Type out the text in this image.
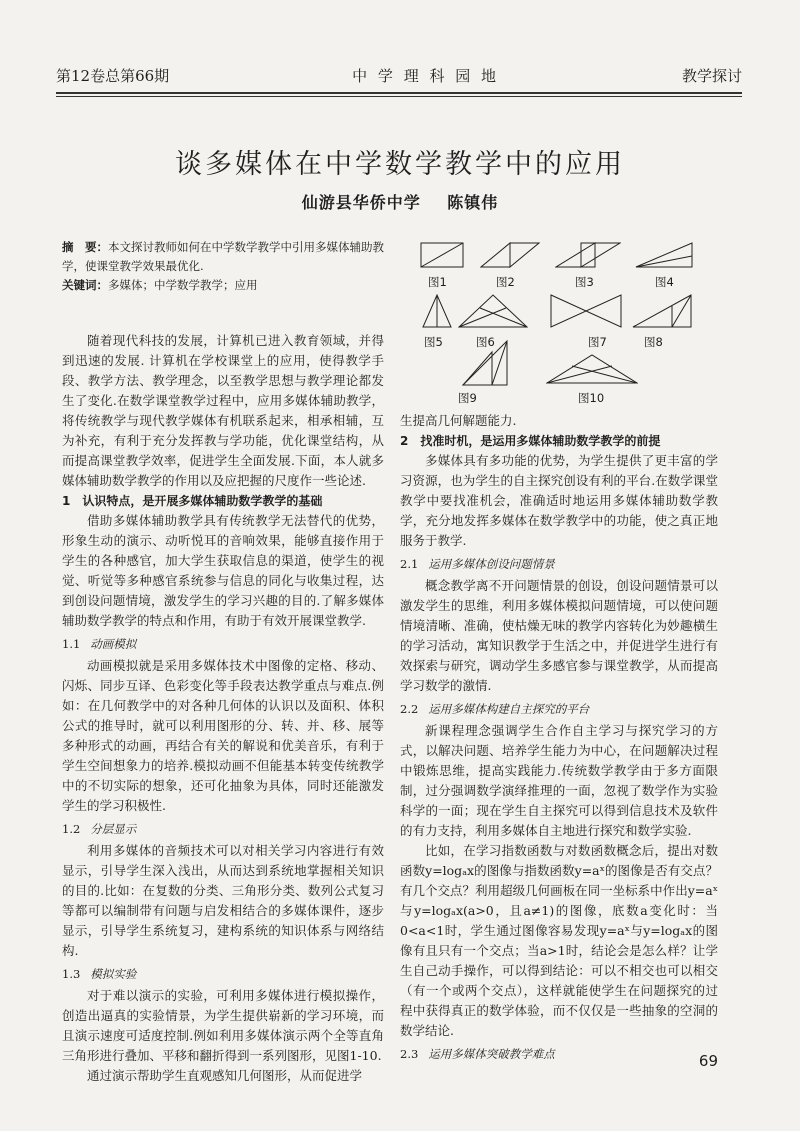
第12卷总第66期	中 学 理 科 园 地	教学探讨
谈多媒体在中学数学教学中的应用
仙游县华侨中学 陈镇伟
摘　要：本文探讨教师如何在中学数学教学中引用多媒体辅助教学，使课堂教学效果最优化.
关键词：多媒体；中学数学教学；应用

随着现代科技的发展，计算机已进入教育领域，并得到迅速的发展. 计算机在学校课堂上的应用，使得教学手段、教学方法、教学理念，以至教学思想与教学理论都发生了变化.在数学课堂教学过程中，应用多媒体辅助教学，将传统教学与现代教学媒体有机联系起来，相承相辅，互为补充，有利于充分发挥教与学功能，优化课堂结构，从而提高课堂教学效率，促进学生全面发展.下面，本人就多媒体辅助数学教学的作用以及应把握的尺度作一些论述.

1　认识特点，是开展多媒体辅助数学教学的基础

借助多媒体辅助教学具有传统教学无法替代的优势，形象生动的演示、动听悦耳的音响效果，能够直接作用于学生的各种感官，加大学生获取信息的渠道，使学生的视觉、听觉等多种感官系统参与信息的同化与收集过程，达到创设问题情境，激发学生的学习兴趣的目的.了解多媒体辅助数学教学的特点和作用，有助于有效开展课堂教学.

1.1 动画模拟

动画模拟就是采用多媒体技术中图像的定格、移动、闪烁、同步互译、色彩变化等手段表达教学重点与难点.例如：在几何教学中的对各种几何体的认识以及面积、体积公式的推导时，就可以利用图形的分、转、并、移、展等多种形式的动画，再结合有关的解说和优美音乐，有利于学生空间想象力的培养.模拟动画不但能基本转变传统教学中的不切实际的想象，还可化抽象为具体，同时还能激发学生的学习积极性.

1.2 分层显示

利用多媒体的音频技术可以对相关学习内容进行有效显示，引导学生深入浅出，从而达到系统地掌握相关知识的目的.比如：在复数的分类、三角形分类、数列公式复习等都可以编制带有问题与启发相结合的多媒体课件，逐步显示，引导学生系统复习，建构系统的知识体系与网络结构.

1.3 模拟实验

对于难以演示的实验，可利用多媒体进行模拟操作，创造出逼真的实验情景，为学生提供崭新的学习环境，而且演示速度可适度控制.例如利用多媒体演示两个全等直角三角形进行叠加、平移和翻折得到一系列图形，见图1-10.

通过演示帮助学生直观感知几何图形，从而促进学

图1	图2	图3	图4
图5	图6	图7	图8
图9	图10
生提高几何解题能力.
2　找准时机，是运用多媒体辅助数学教学的前提

多媒体具有多功能的优势，为学生提供了更丰富的学习资源，也为学生的自主探究创设有利的平台.在数学课堂教学中要找准机会，准确适时地运用多媒体辅助数学教学，充分地发挥多媒体在数学教学中的功能，使之真正地服务于教学.

2.1 运用多媒体创设问题情景

概念教学离不开问题情景的创设，创设问题情景可以激发学生的思维，利用多媒体模拟问题情境，可以使问题情境清晰、准确，使枯燥无味的教学内容转化为妙趣横生的学习活动，寓知识教学于生活之中，并促进学生进行有效探索与研究，调动学生多感官参与课堂教学，从而提高学习数学的激情.

2.2 运用多媒体构建自主探究的平台

新课程理念强调学生合作自主学习与探究学习的方式，以解决问题、培养学生能力为中心，在问题解决过程中锻炼思维，提高实践能力.传统数学教学由于多方面限制，过分强调数学演绎推理的一面，忽视了数学作为实验科学的一面；现在学生自主探究可以得到信息技术及软件的有力支持，利用多媒体自主地进行探究和数学实验.

比如，在学习指数函数与对数函数概念后，提出对数函数y=logₐx的图像与指数函数y=aˣ的图像是否有交点？有几个交点？利用超级几何画板在同一坐标系中作出y=aˣ与y=logₐx(a>0，且a≠1)的图像，底数a变化时：当0<a<1时，学生通过图像容易发现y=aˣ与y=logₐx的图像有且只有一个交点；当a>1时，结论会是怎么样？让学生自己动手操作，可以得到结论：可以不相交也可以相交（有一个或两个交点），这样就能使学生在问题探究的过程中获得真正的数学体验，而不仅仅是一些抽象的空洞的数学结论.

2.3 运用多媒体突破教学难点	69
